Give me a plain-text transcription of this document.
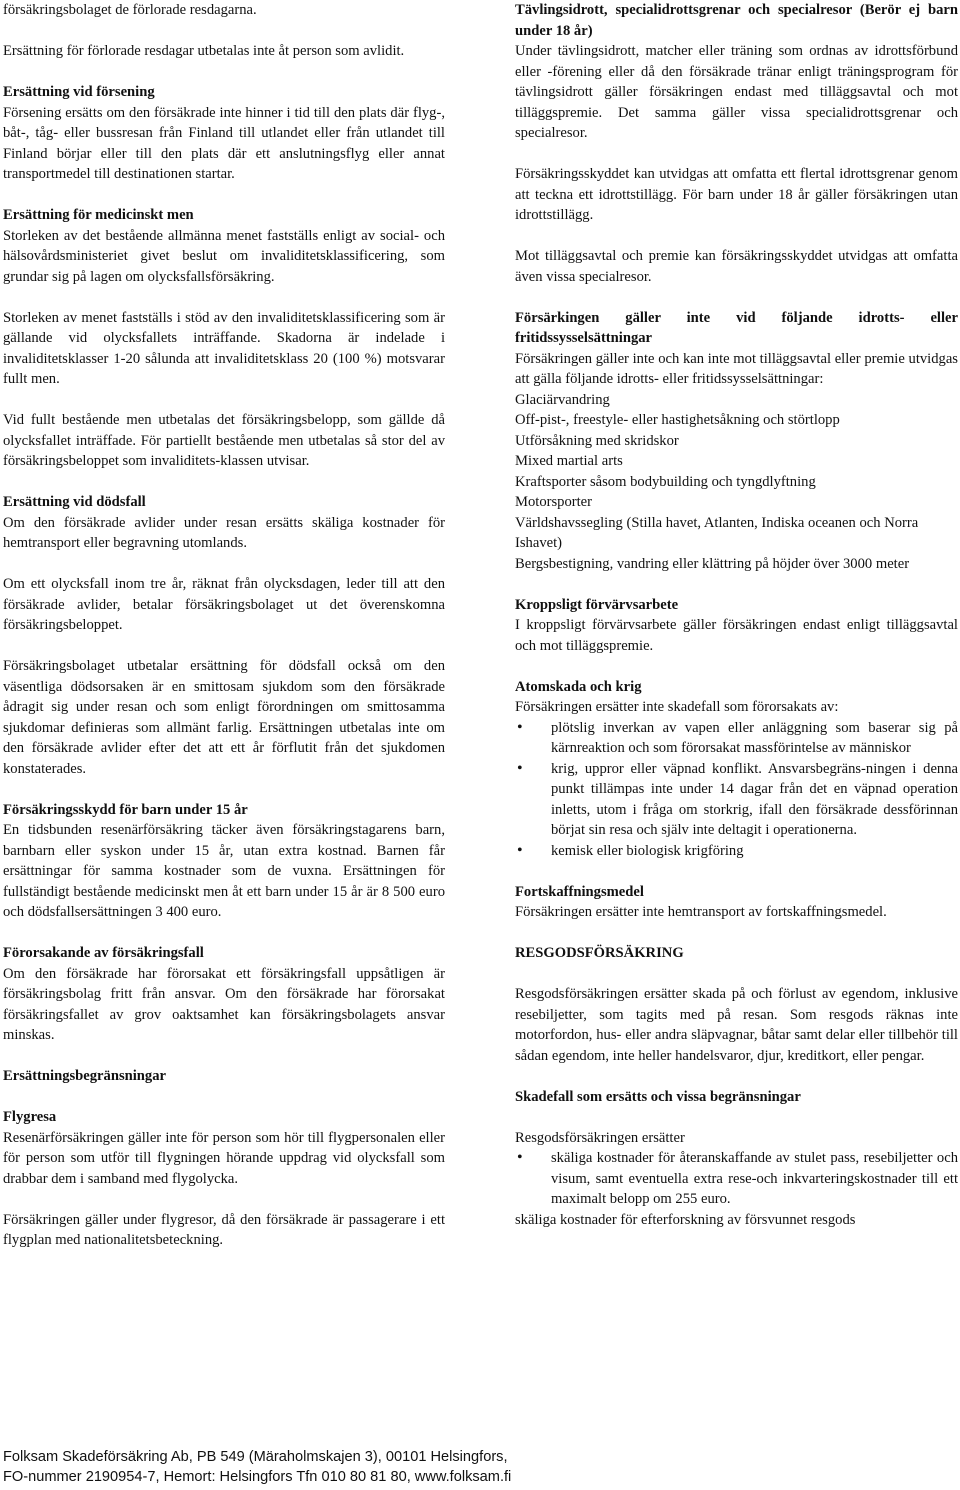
försäkringsbolaget de förlorade resdagarna.

Ersättning för förlorade resdagar utbetalas inte åt person som avlidit.

Ersättning vid försening

Försening ersätts om den försäkrade inte hinner i tid till den plats där flyg-, båt-, tåg- eller bussresan från Finland till utlandet eller från utlandet till Finland börjar eller till den plats där ett anslutningsflyg eller annat transportmedel till destinationen startar.

Ersättning för medicinskt men

Storleken av det bestående allmänna menet fastställs enligt av social- och hälsovårdsministeriet givet beslut om invaliditetsklassificering, som grundar sig på lagen om olycksfallsförsäkring.

Storleken av menet fastställs i stöd av den invaliditetsklassificering som är gällande vid olycksfallets inträffande. Skadorna är indelade i invaliditetsklasser 1-20 sålunda att invaliditetsklass 20 (100 %) motsvarar fullt men.

Vid fullt bestående men utbetalas det försäkringsbelopp, som gällde då olycksfallet inträffade. För partiellt bestående men utbetalas så stor del av försäkringsbeloppet som invaliditets-klassen utvisar.

Ersättning vid dödsfall

Om den försäkrade avlider under resan ersätts skäliga kostnader för hemtransport eller begravning utomlands.

Om ett olycksfall inom tre år, räknat från olycksdagen, leder till att den försäkrade avlider, betalar försäkringsbolaget ut det överenskomna försäkringsbeloppet.

Försäkringsbolaget utbetalar ersättning för dödsfall också om den väsentliga dödsorsaken är en smittosam sjukdom som den försäkrade ådragit sig under resan och som enligt förordningen om smittosamma sjukdomar definieras som allmänt farlig. Ersättningen utbetalas inte om den försäkrade avlider efter det att ett år förflutit från det sjukdomen konstaterades.

Försäkringsskydd för barn under 15 år

En tidsbunden resenärförsäkring täcker även försäkringstagarens barn, barnbarn eller syskon under 15 år, utan extra kostnad. Barnen får ersättningar för samma kostnader som de vuxna. Ersättningen för fullständigt bestående medicinskt men åt ett barn under 15 år är 8 500 euro och dödsfallsersättningen 3 400 euro.

Förorsakande av försäkringsfall

Om den försäkrade har förorsakat ett försäkringsfall uppsåtligen är försäkringsbolag fritt från ansvar. Om den försäkrade har förorsakat försäkringsfallet av grov oaktsamhet kan försäkringsbolagets ansvar minskas.

Ersättningsbegränsningar

Flygresa

Resenärförsäkringen gäller inte för person som hör till flygpersonalen eller för person som utför till flygningen hörande uppdrag vid olycksfall som drabbar dem i samband med flygolycka.

Försäkringen gäller under flygresor, då den försäkrade är passagerare i ett flygplan med nationalitetsbeteckning.

Tävlingsidrott, specialidrottsgrenar och specialresor (Berör ej barn under 18 år)

Under tävlingsidrott, matcher eller träning som ordnas av idrottsförbund eller -förening eller då den försäkrade tränar enligt träningsprogram för tävlingsidrott gäller försäkringen endast med tilläggsavtal och mot tilläggspremie. Det samma gäller vissa specialidrottsgrenar och specialresor.

Försäkringsskyddet kan utvidgas att omfatta ett flertal idrottsgrenar genom att teckna ett idrottstillägg. För barn under 18 år gäller försäkringen utan idrottstillägg.

Mot tilläggsavtal och premie kan försäkringsskyddet utvidgas att omfatta även vissa specialresor.

Försärkingen gäller inte vid följande idrotts- eller fritidssysselsättningar

Försäkringen gäller inte och kan inte mot tilläggsavtal eller premie utvidgas att gälla följande idrotts- eller fritidssysselsättningar:

Glaciärvandring
Off-pist-, freestyle- eller hastighetsåkning och störtlopp
Utförsåkning med skridskor
Mixed martial arts
Kraftsporter såsom bodybuilding och tyngdlyftning
Motorsporter
Världshavssegling (Stilla havet, Atlanten, Indiska oceanen och Norra Ishavet)
Bergsbestigning, vandring eller klättring på höjder över 3000 meter

Kroppsligt förvärvsarbete

I kroppsligt förvärvsarbete gäller försäkringen endast enligt tilläggsavtal och mot tilläggspremie.

Atomskada och krig

Försäkringen ersätter inte skadefall som förorsakats av:

• plötslig inverkan av vapen eller anläggning som baserar sig på kärnreaktion och som förorsakat massförintelse av människor
• krig, uppror eller väpnad konflikt. Ansvarsbegräns-ningen i denna punkt tillämpas inte under 14 dagar från det en väpnad operation inletts, utom i fråga om storkrig, ifall den försäkrade dessförinnan börjat sin resa och själv inte deltagit i operationerna.
• kemisk eller biologisk krigföring

Fortskaffningsmedel

Försäkringen ersätter inte hemtransport av fortskaffningsmedel.

RESGODSFÖRSÄKRING

Resgodsförsäkringen ersätter skada på och förlust av egendom, inklusive resebiljetter, som tagits med på resan. Som resgods räknas inte motorfordon, hus- eller andra släpvagnar, båtar samt delar eller tillbehör till sådan egendom, inte heller handelsvaror, djur, kreditkort, eller pengar.

Skadefall som ersätts och vissa begränsningar

Resgodsförsäkringen ersätter

• skäliga kostnader för återanskaffande av stulet pass, resebiljetter och visum, samt eventuella extra rese-och inkvarteringskostnader till ett maximalt belopp om 255 euro.

skäliga kostnader för efterforskning av försvunnet resgods

Folksam Skadeförsäkring Ab, PB 549 (Märaholmskajen 3), 00101 Helsingfors,

FO-nummer 2190954-7, Hemort: Helsingfors Tfn 010 80 81 80, www.folksam.fi
